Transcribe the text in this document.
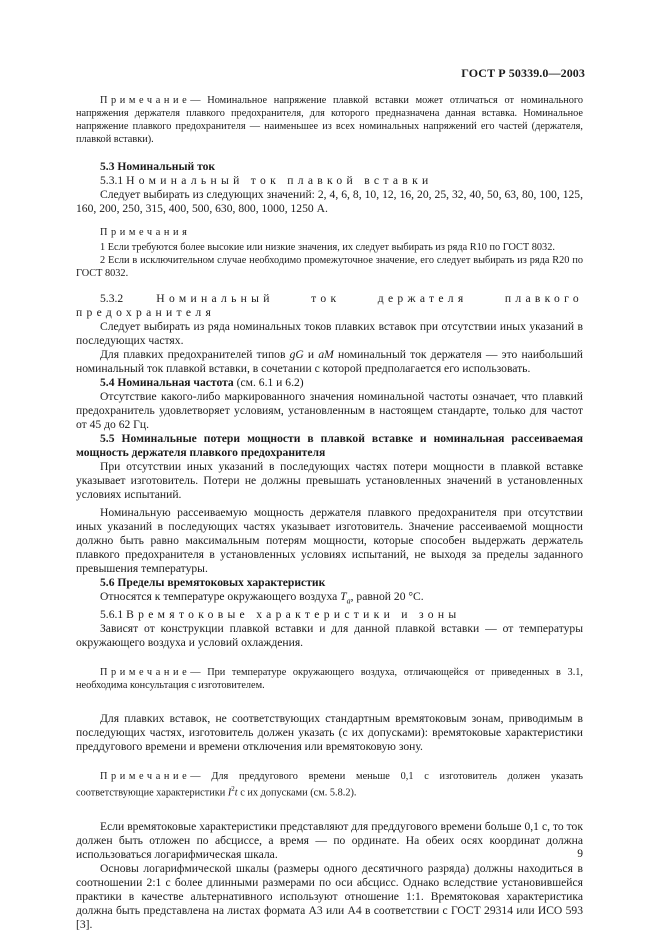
ГОСТ Р 50339.0—2003

Примечание— Номинальное напряжение плавкой вставки может отличаться от номинального напряжения держателя плавкого предохранителя, для которого предназначена данная вставка. Номинальное напряжение плавкого предохранителя — наименьшее из всех номинальных напряжений его частей (держателя, плавкой вставки).

5.3 Номинальный ток

5.3.1 Номинальный ток плавкой вставки

Следует выбирать из следующих значений: 2, 4, 6, 8, 10, 12, 16, 20, 25, 32, 40, 50, 63, 80, 100, 125, 160, 200, 250, 315, 400, 500, 630, 800, 1000, 1250 А.

Примечания

1 Если требуются более высокие или низкие значения, их следует выбирать из ряда R10 по ГОСТ 8032.

2 Если в исключительном случае необходимо промежуточное значение, его следует выбирать из ряда R20 по ГОСТ 8032.

5.3.2	Номинальный ток держателя плавкого предохранителя

Следует выбирать из ряда номинальных токов плавких вставок при отсутствии иных указаний в последующих частях.

Для плавких предохранителей типов gG и aM номинальный ток держателя — это наибольший номинальный ток плавкой вставки, в сочетании с которой предполагается его использовать.

5.4 Номинальная частота (см. 6.1 и 6.2)

Отсутствие какого-либо маркированного значения номинальной частоты означает, что плавкий предохранитель удовлетворяет условиям, установленным в настоящем стандарте, только для частот от 45 до 62 Гц.

5.5 Номинальные потери мощности в плавкой вставке и номинальная рассеиваемая мощность держателя плавкого предохранителя

При отсутствии иных указаний в последующих частях потери мощности в плавкой вставке указывает изготовитель. Потери не должны превышать установленных значений в установленных условиях испытаний.

Номинальную рассеиваемую мощность держателя плавкого предохранителя при отсутствии иных указаний в последующих частях указывает изготовитель. Значение рассеиваемой мощности должно быть равно максимальным потерям мощности, которые способен выдержать держатель плавкого предохранителя в установленных условиях испытаний, не выходя за пределы заданного превышения температуры.

5.6 Пределы времятоковых характеристик

Относятся к температуре окружающего воздуха $T_a$, равной 20 °С.

5.6.1 Времятоковые характеристики и зоны

Зависят от конструкции плавкой вставки и для данной плавкой вставки — от температуры окружающего воздуха и условий охлаждения.

Примечание— При температуре окружающего воздуха, отличающейся от приведенных в 3.1, необходима консультация с изготовителем.

Для плавких вставок, не соответствующих стандартным времятоковым зонам, приводимым в последующих частях, изготовитель должен указать (с их допусками): времятоковые характеристики преддугового времени и времени отключения или времятоковую зону.

Примечание— Для преддугового времени меньше 0,1 с изготовитель должен указать соответствующие характеристики $I^2t$ с их допусками (см. 5.8.2).

Если времятоковые характеристики представляют для преддугового времени больше 0,1 с, то ток должен быть отложен по абсциссе, а время — по ординате. На обеих осях координат должна использоваться логарифмическая шкала.

Основы логарифмической шкалы (размеры одного десятичного разряда) должны находиться в соотношении 2:1 с более длинными размерами по оси абсцисс. Однако вследствие установившейся практики в качестве альтернативного используют отношение 1:1. Времятоковая характеристика должна быть представлена на листах формата А3 или А4 в соответствии с ГОСТ 29314 или ИСО 593 [3].

9
